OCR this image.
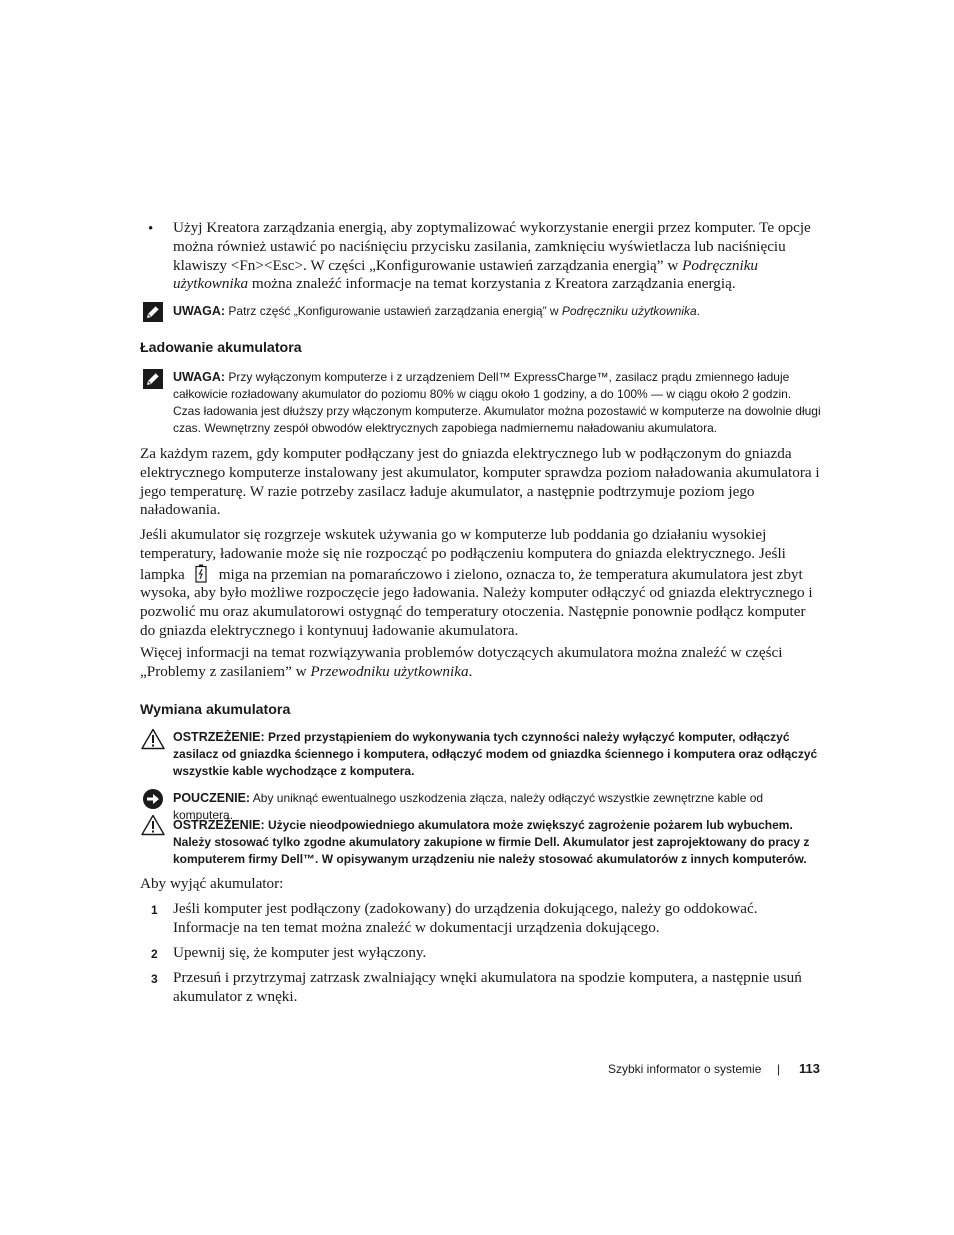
• Użyj Kreatora zarządzania energią, aby zoptymalizować wykorzystanie energii przez komputer. Te opcje można również ustawić po naciśnięciu przycisku zasilania, zamknięciu wyświetlacza lub naciśnięciu klawiszy <Fn><Esc>. W części „Konfigurowanie ustawień zarządzania energią” w Podręczniku użytkownika można znaleźć informacje na temat korzystania z Kreatora zarządzania energią.
UWAGA: Patrz część „Konfigurowanie ustawień zarządzania energią” w Podręczniku użytkownika.
Ładowanie akumulatora
UWAGA: Przy wyłączonym komputerze i z urządzeniem Dell™ ExpressCharge™, zasilacz prądu zmiennego ładuje całkowicie rozładowany akumulator do poziomu 80% w ciągu około 1 godziny, a do 100% — w ciągu około 2 godzin. Czas ładowania jest dłuższy przy włączonym komputerze. Akumulator można pozostawić w komputerze na dowolnie długi czas. Wewnętrzny zespół obwodów elektrycznych zapobiega nadmiernemu naładowaniu akumulatora.
Za każdym razem, gdy komputer podłączany jest do gniazda elektrycznego lub w podłączonym do gniazda elektrycznego komputerze instalowany jest akumulator, komputer sprawdza poziom naładowania akumulatora i jego temperaturę. W razie potrzeby zasilacz ładuje akumulator, a następnie podtrzymuje poziom jego naładowania.
Jeśli akumulator się rozgrzeje wskutek używania go w komputerze lub poddania go działaniu wysokiej temperatury, ładowanie może się nie rozpocząć po podłączeniu komputera do gniazda elektrycznego. Jeśli lampka miga na przemian na pomarańczowo i zielono, oznacza to, że temperatura akumulatora jest zbyt wysoka, aby było możliwe rozpoczęcie jego ładowania. Należy komputer odłączyć od gniazda elektrycznego i pozwolić mu oraz akumulatorowi ostygnąć do temperatury otoczenia. Następnie ponownie podłącz komputer do gniazda elektrycznego i kontynuuj ładowanie akumulatora.
Więcej informacji na temat rozwiązywania problemów dotyczących akumulatora można znaleźć w części „Problemy z zasilaniem” w Przewodniku użytkownika.
Wymiana akumulatora
OSTRZEŻENIE: Przed przystąpieniem do wykonywania tych czynności należy wyłączyć komputer, odłączyć zasilacz od gniazdka ściennego i komputera, odłączyć modem od gniazdka ściennego i komputera oraz odłączyć wszystkie kable wychodzące z komputera.
POUCZENIE: Aby uniknąć ewentualnego uszkodzenia złącza, należy odłączyć wszystkie zewnętrzne kable od komputera.
OSTRZEŻENIE: Użycie nieodpowiedniego akumulatora może zwiększyć zagrożenie pożarem lub wybuchem. Należy stosować tylko zgodne akumulatory zakupione w firmie Dell. Akumulator jest zaprojektowany do pracy z komputerem firmy Dell™. W opisywanym urządzeniu nie należy stosować akumulatorów z innych komputerów.
Aby wyjąć akumulator:
1 Jeśli komputer jest podłączony (zadokowany) do urządzenia dokującego, należy go oddokować. Informacje na ten temat można znaleźć w dokumentacji urządzenia dokującego.
2 Upewnij się, że komputer jest wyłączony.
3 Przesuń i przytrzymaj zatrzask zwalniający wnęki akumulatora na spodzie komputera, a następnie usuń akumulator z wnęki.
Szybki informator o systemie | 113
